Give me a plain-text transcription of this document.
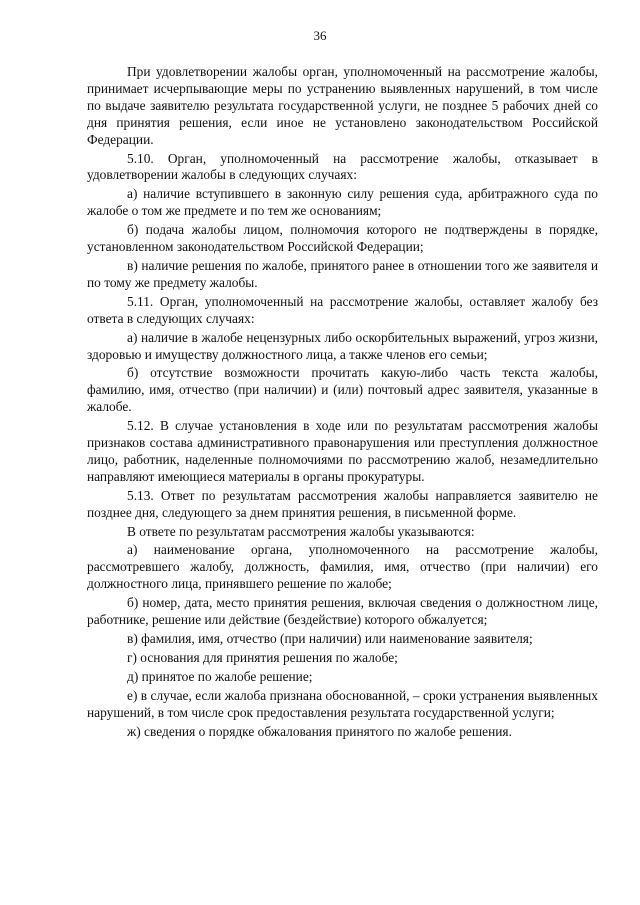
36

При удовлетворении жалобы орган, уполномоченный на рассмотрение жалобы, принимает исчерпывающие меры по устранению выявленных нарушений, в том числе по выдаче заявителю результата государственной услуги, не позднее 5 рабочих дней со дня принятия решения, если иное не установлено законодательством Российской Федерации.

5.10. Орган, уполномоченный на рассмотрение жалобы, отказывает в удовлетворении жалобы в следующих случаях:

а) наличие вступившего в законную силу решения суда, арбитражного суда по жалобе о том же предмете и по тем же основаниям;

б) подача жалобы лицом, полномочия которого не подтверждены в порядке, установленном законодательством Российской Федерации;

в) наличие решения по жалобе, принятого ранее в отношении того же заявителя и по тому же предмету жалобы.

5.11. Орган, уполномоченный на рассмотрение жалобы, оставляет жалобу без ответа в следующих случаях:

а) наличие в жалобе нецензурных либо оскорбительных выражений, угроз жизни, здоровью и имуществу должностного лица, а также членов его семьи;

б) отсутствие возможности прочитать какую-либо часть текста жалобы, фамилию, имя, отчество (при наличии) и (или) почтовый адрес заявителя, указанные в жалобе.

5.12. В случае установления в ходе или по результатам рассмотрения жалобы признаков состава административного правонарушения или преступления должностное лицо, работник, наделенные полномочиями по рассмотрению жалоб, незамедлительно направляют имеющиеся материалы в органы прокуратуры.

5.13. Ответ по результатам рассмотрения жалобы направляется заявителю не позднее дня, следующего за днем принятия решения, в письменной форме.

В ответе по результатам рассмотрения жалобы указываются:

а) наименование органа, уполномоченного на рассмотрение жалобы, рассмотревшего жалобу, должность, фамилия, имя, отчество (при наличии) его должностного лица, принявшего решение по жалобе;

б) номер, дата, место принятия решения, включая сведения о должностном лице, работнике, решение или действие (бездействие) которого обжалуется;

в) фамилия, имя, отчество (при наличии) или наименование заявителя;

г) основания для принятия решения по жалобе;

д) принятое по жалобе решение;

е) в случае, если жалоба признана обоснованной, – сроки устранения выявленных нарушений, в том числе срок предоставления результата государственной услуги;

ж) сведения о порядке обжалования принятого по жалобе решения.
